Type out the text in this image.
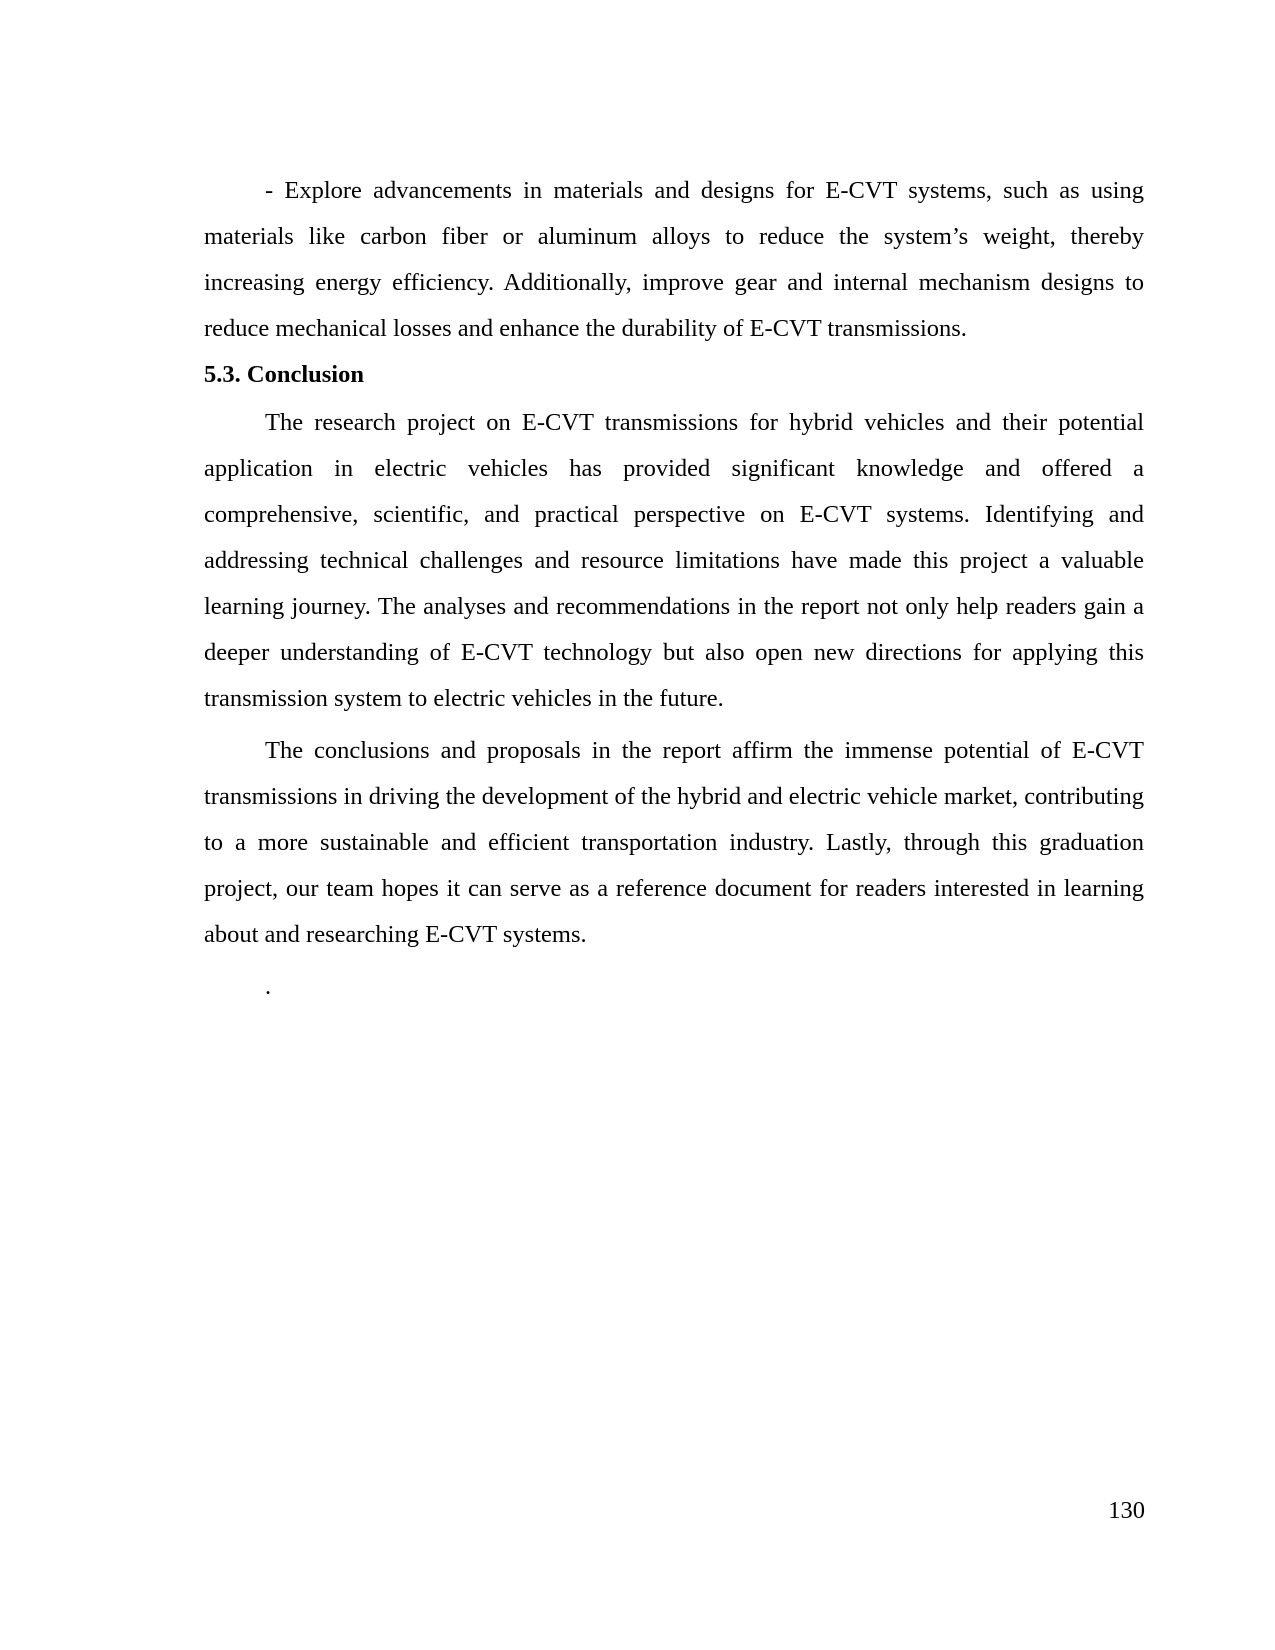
- Explore advancements in materials and designs for E-CVT systems, such as using materials like carbon fiber or aluminum alloys to reduce the system’s weight, thereby increasing energy efficiency. Additionally, improve gear and internal mechanism designs to reduce mechanical losses and enhance the durability of E-CVT transmissions.

5.3. Conclusion

The research project on E-CVT transmissions for hybrid vehicles and their potential application in electric vehicles has provided significant knowledge and offered a comprehensive, scientific, and practical perspective on E-CVT systems. Identifying and addressing technical challenges and resource limitations have made this project a valuable learning journey. The analyses and recommendations in the report not only help readers gain a deeper understanding of E-CVT technology but also open new directions for applying this transmission system to electric vehicles in the future.

The conclusions and proposals in the report affirm the immense potential of E-CVT transmissions in driving the development of the hybrid and electric vehicle market, contributing to a more sustainable and efficient transportation industry. Lastly, through this graduation project, our team hopes it can serve as a reference document for readers interested in learning about and researching E-CVT systems.

.

130
